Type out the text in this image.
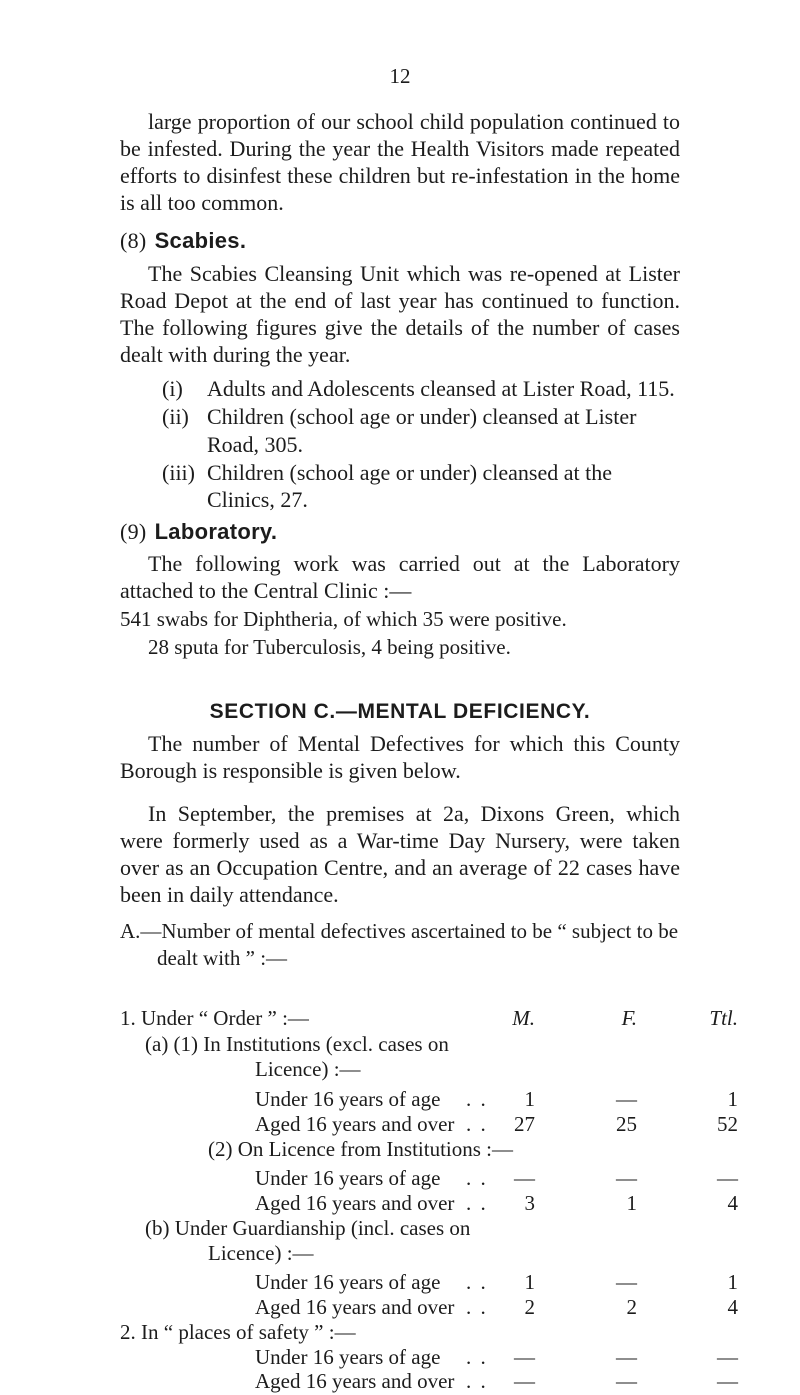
12

large proportion of our school child population continued to be infested. During the year the Health Visitors made repeated efforts to disinfest these children but re-infestation in the home is all too common.

(8) Scabies.

The Scabies Cleansing Unit which was re-opened at Lister Road Depot at the end of last year has continued to function. The following figures give the details of the number of cases dealt with during the year.

(i) Adults and Adolescents cleansed at Lister Road, 115.
(ii) Children (school age or under) cleansed at Lister
Road, 305.
(iii) Children (school age or under) cleansed at the Clinics, 27.
(9) Laboratory.

The following work was carried out at the Laboratory attached to the Central Clinic :—

541 swabs for Diphtheria, of which 35 were positive.
28 sputa for Tuberculosis, 4 being positive.
SECTION C.—MENTAL DEFICIENCY.

The number of Mental Defectives for which this County Borough is responsible is given below.

In September, the premises at 2a, Dixons Green, which were formerly used as a War-time Day Nursery, were taken over as an Occupation Centre, and an average of 22 cases have been in daily attendance.

A.—Number of mental defectives ascertained to be “ subject to be
dealt with ” :—
1. Under “ Order ” :—	M.	F.	Ttl.
(a) (1) In Institutions (excl. cases on
Licence) :—
Under 16 years of age . .	1	—	1
Aged 16 years and over . .	27	25	52
(2) On Licence from Institutions :—
Under 16 years of age . .	—	—	—
Aged 16 years and over . .	3	1	4
(b) Under Guardianship (incl. cases on
Licence) :—
Under 16 years of age . .	1	—	1
Aged 16 years and over . .	2	2	4
2. In “ places of safety ” :—
Under 16 years of age . .	—	—	—
Aged 16 years and over . .	—	—	—
